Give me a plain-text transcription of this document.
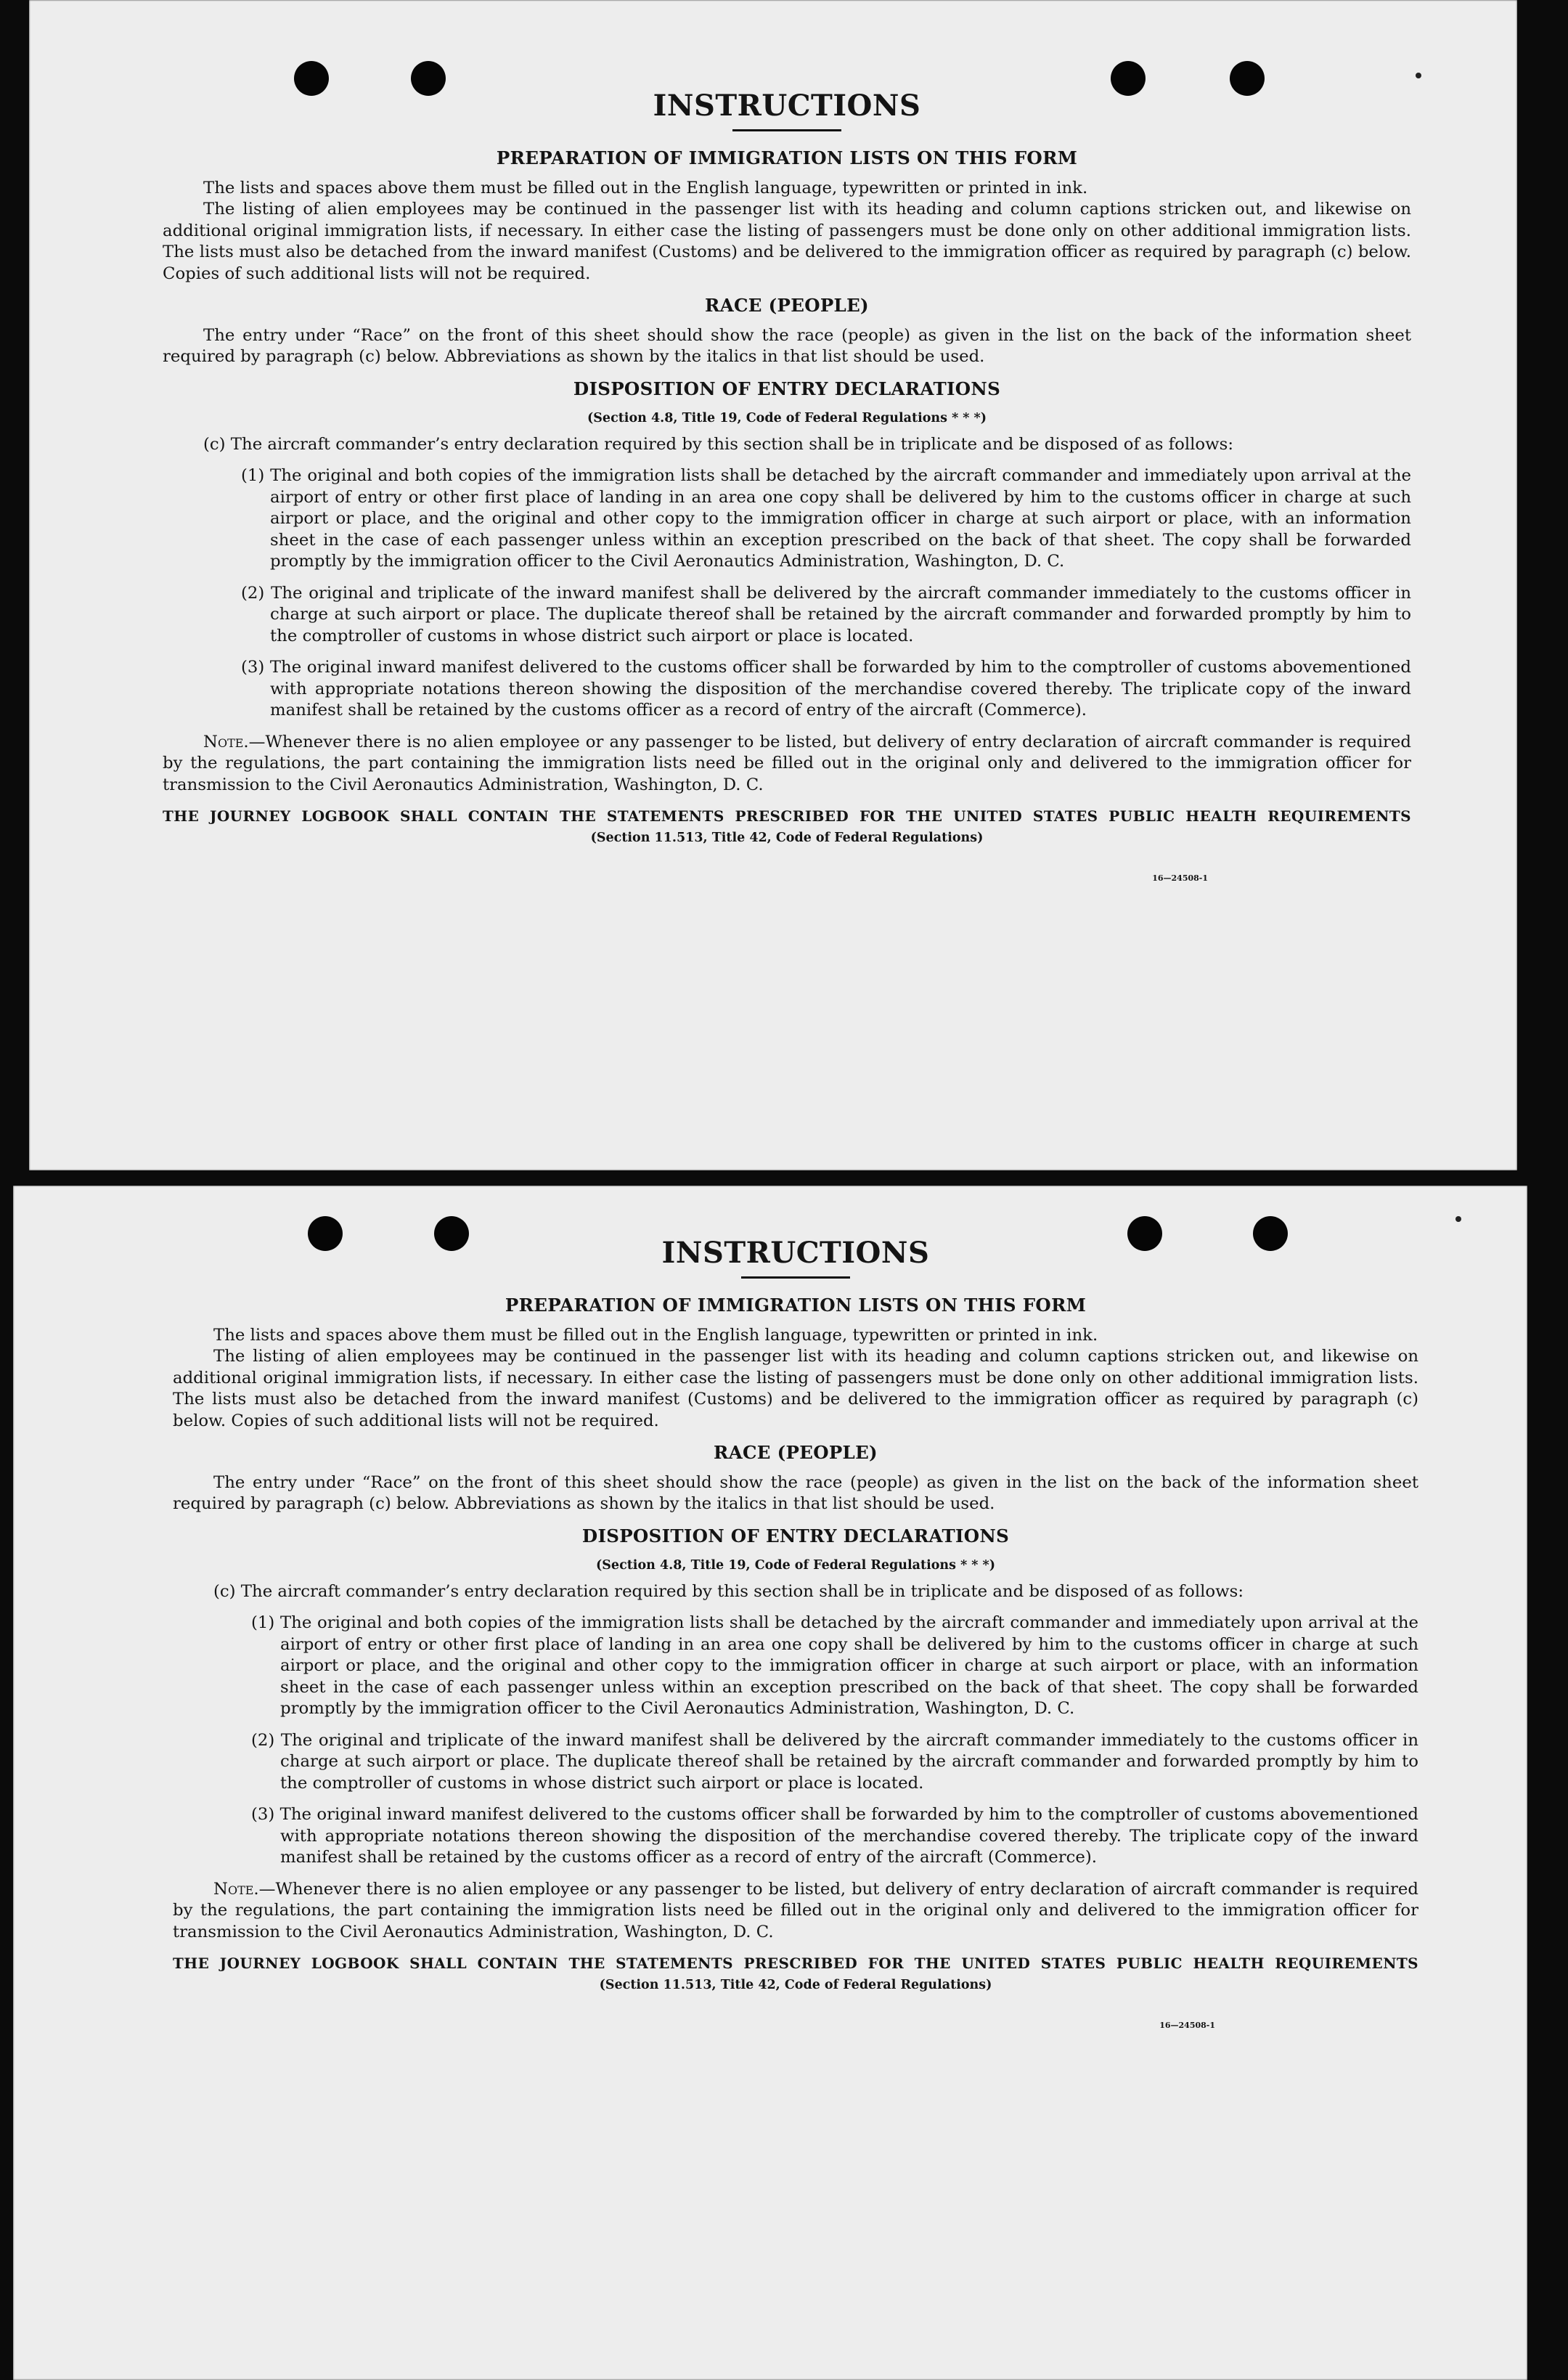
INSTRUCTIONS
PREPARATION OF IMMIGRATION LISTS ON THIS FORM

The lists and spaces above them must be filled out in the English language, typewritten or printed in ink.

The listing of alien employees may be continued in the passenger list with its heading and column captions stricken out, and likewise on additional original immigration lists, if necessary. In either case the listing of passengers must be done only on other additional immigration lists. The lists must also be detached from the inward manifest (Customs) and be delivered to the immigration officer as required by paragraph (c) below. Copies of such additional lists will not be required.

RACE (PEOPLE)

The entry under “Race” on the front of this sheet should show the race (people) as given in the list on the back of the information sheet required by paragraph (c) below. Abbreviations as shown by the italics in that list should be used.

DISPOSITION OF ENTRY DECLARATIONS
(Section 4.8, Title 19, Code of Federal Regulations * * *)

(c) The aircraft commander’s entry declaration required by this section shall be in triplicate and be disposed of as follows:

(1) The original and both copies of the immigration lists shall be detached by the aircraft commander and immediately upon arrival at the airport of entry or other first place of landing in an area one copy shall be delivered by him to the customs officer in charge at such airport or place, and the original and other copy to the immigration officer in charge at such airport or place, with an information sheet in the case of each passenger unless within an exception prescribed on the back of that sheet. The copy shall be forwarded promptly by the immigration officer to the Civil Aeronautics Administration, Washington, D. C.

(2) The original and triplicate of the inward manifest shall be delivered by the aircraft commander immediately to the customs officer in charge at such airport or place. The duplicate thereof shall be retained by the aircraft commander and forwarded promptly by him to the comptroller of customs in whose district such airport or place is located.

(3) The original inward manifest delivered to the customs officer shall be forwarded by him to the comptroller of customs abovementioned with appropriate notations thereon showing the disposition of the merchandise covered thereby. The triplicate copy of the inward manifest shall be retained by the customs officer as a record of entry of the aircraft (Commerce).

Note.—Whenever there is no alien employee or any passenger to be listed, but delivery of entry declaration of aircraft commander is required by the regulations, the part containing the immigration lists need be filled out in the original only and delivered to the immigration officer for transmission to the Civil Aeronautics Administration, Washington, D. C.

THE JOURNEY LOGBOOK SHALL CONTAIN THE STATEMENTS PRESCRIBED FOR THE UNITED STATES PUBLIC HEALTH REQUIREMENTS

(Section 11.513, Title 42, Code of Federal Regulations)
16—24508-1
INSTRUCTIONS
PREPARATION OF IMMIGRATION LISTS ON THIS FORM

The lists and spaces above them must be filled out in the English language, typewritten or printed in ink.

The listing of alien employees may be continued in the passenger list with its heading and column captions stricken out, and likewise on additional original immigration lists, if necessary. In either case the listing of passengers must be done only on other additional immigration lists. The lists must also be detached from the inward manifest (Customs) and be delivered to the immigration officer as required by paragraph (c) below. Copies of such additional lists will not be required.

RACE (PEOPLE)

The entry under “Race” on the front of this sheet should show the race (people) as given in the list on the back of the information sheet required by paragraph (c) below. Abbreviations as shown by the italics in that list should be used.

DISPOSITION OF ENTRY DECLARATIONS
(Section 4.8, Title 19, Code of Federal Regulations * * *)

(c) The aircraft commander’s entry declaration required by this section shall be in triplicate and be disposed of as follows:

(1) The original and both copies of the immigration lists shall be detached by the aircraft commander and immediately upon arrival at the airport of entry or other first place of landing in an area one copy shall be delivered by him to the customs officer in charge at such airport or place, and the original and other copy to the immigration officer in charge at such airport or place, with an information sheet in the case of each passenger unless within an exception prescribed on the back of that sheet. The copy shall be forwarded promptly by the immigration officer to the Civil Aeronautics Administration, Washington, D. C.

(2) The original and triplicate of the inward manifest shall be delivered by the aircraft commander immediately to the customs officer in charge at such airport or place. The duplicate thereof shall be retained by the aircraft commander and forwarded promptly by him to the comptroller of customs in whose district such airport or place is located.

(3) The original inward manifest delivered to the customs officer shall be forwarded by him to the comptroller of customs abovementioned with appropriate notations thereon showing the disposition of the merchandise covered thereby. The triplicate copy of the inward manifest shall be retained by the customs officer as a record of entry of the aircraft (Commerce).

Note.—Whenever there is no alien employee or any passenger to be listed, but delivery of entry declaration of aircraft commander is required by the regulations, the part containing the immigration lists need be filled out in the original only and delivered to the immigration officer for transmission to the Civil Aeronautics Administration, Washington, D. C.

THE JOURNEY LOGBOOK SHALL CONTAIN THE STATEMENTS PRESCRIBED FOR THE UNITED STATES PUBLIC HEALTH REQUIREMENTS

(Section 11.513, Title 42, Code of Federal Regulations)
16—24508-1
